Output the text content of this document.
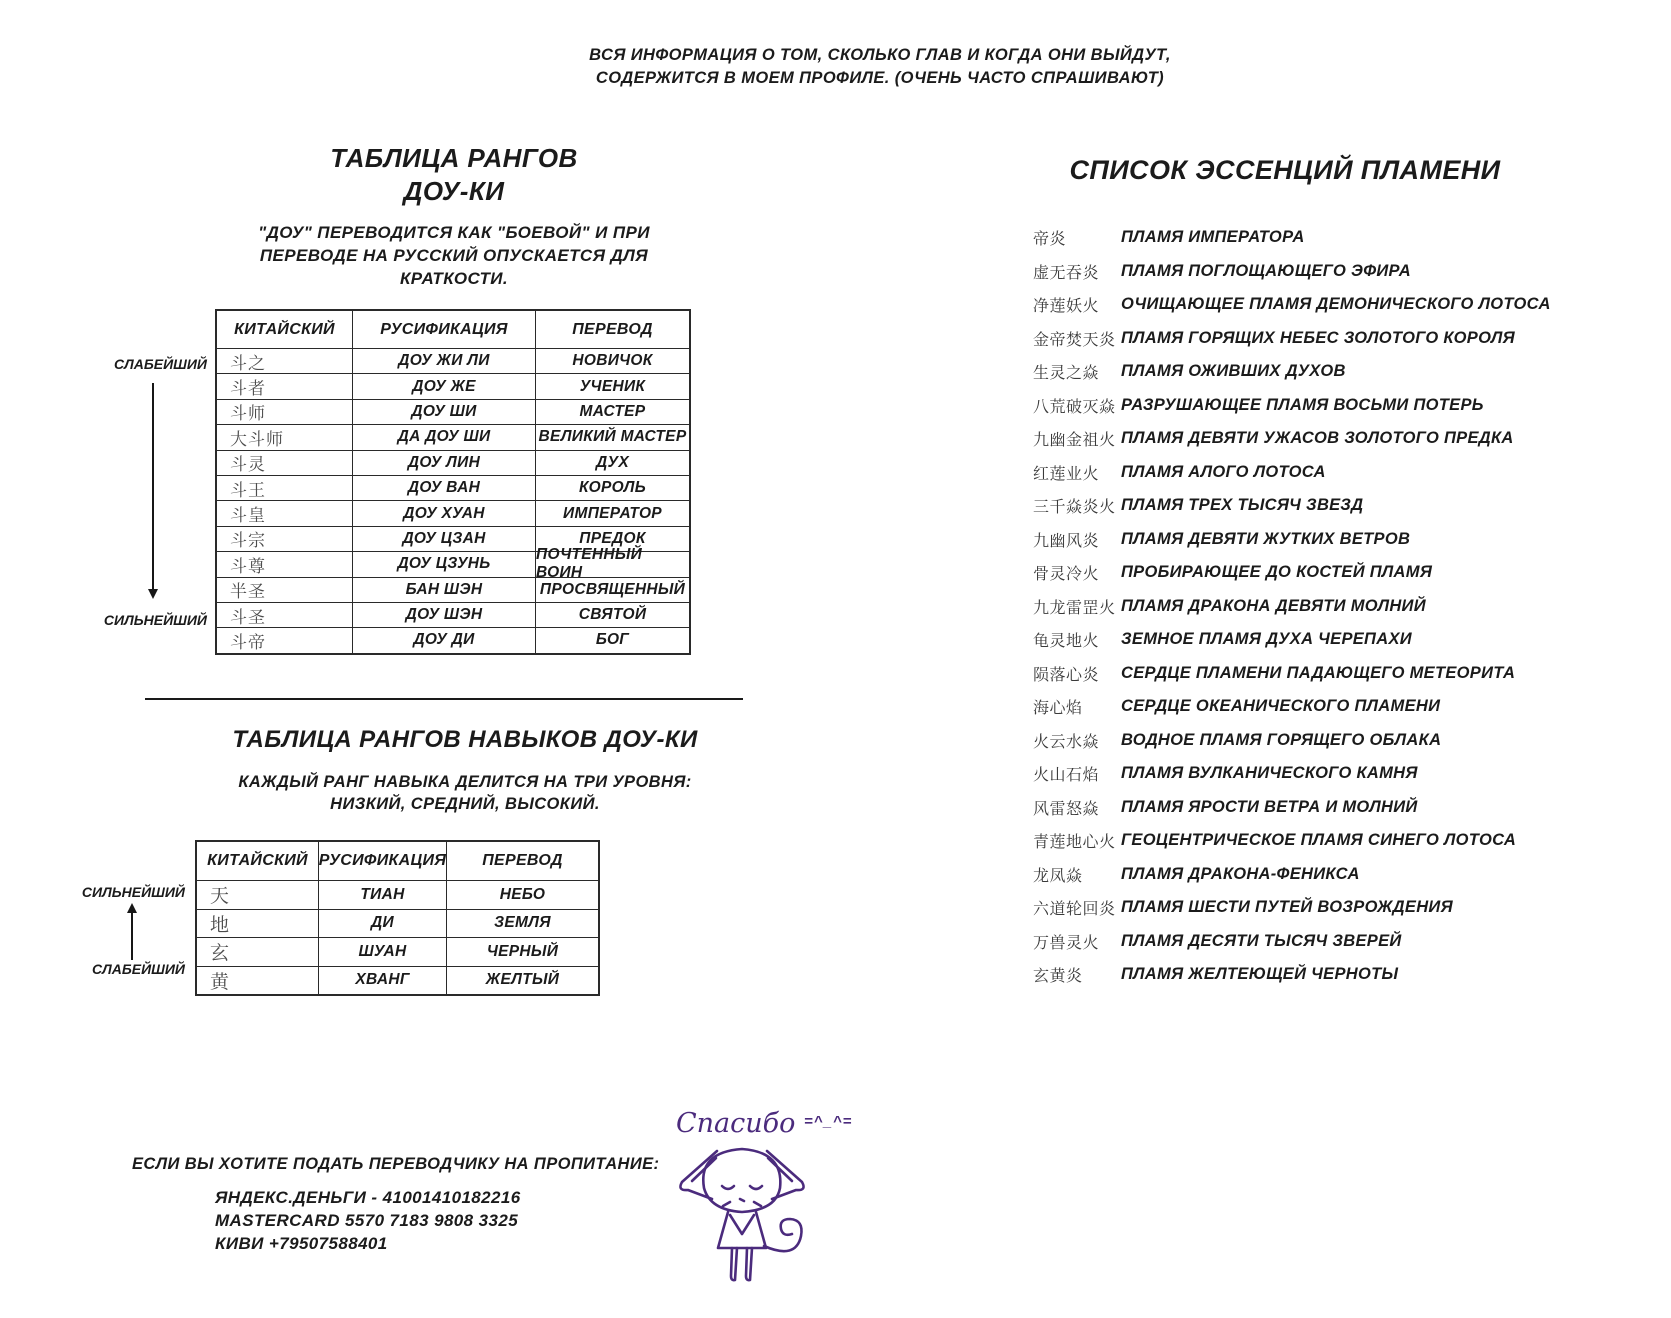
ВСЯ ИНФОРМАЦИЯ О ТОМ, СКОЛЬКО ГЛАВ И КОГДА ОНИ ВЫЙДУТ,
СОДЕРЖИТСЯ В МОЕМ ПРОФИЛЕ. (ОЧЕНЬ ЧАСТО СПРАШИВАЮТ)
ТАБЛИЦА РАНГОВ
ДОУ-КИ
"ДОУ" ПЕРЕВОДИТСЯ КАК "БОЕВОЙ" И ПРИ ПЕРЕВОДЕ НА РУССКИЙ ОПУСКАЕТСЯ ДЛЯ КРАТКОСТИ.
СЛАБЕЙШИЙ
СИЛЬНЕЙШИЙ
КИТАЙСКИЙ	РУСИФИКАЦИЯ	ПЕРЕВОД
斗之	ДОУ ЖИ ЛИ	НОВИЧОК
斗者	ДОУ ЖЕ	УЧЕНИК
斗师	ДОУ ШИ	МАСТЕР
大斗师	ДА ДОУ ШИ	ВЕЛИКИЙ МАСТЕР
斗灵	ДОУ ЛИН	ДУХ
斗王	ДОУ ВАН	КОРОЛЬ
斗皇	ДОУ ХУАН	ИМПЕРАТОР
斗宗	ДОУ ЦЗАН	ПРЕДОК
斗尊	ДОУ ЦЗУНЬ
ПОЧТЕННЫЙ ВОИН
半圣	БАН ШЭН	ПРОСВЯЩЕННЫЙ
斗圣	ДОУ ШЭН	СВЯТОЙ
斗帝	ДОУ ДИ	БОГ
ТАБЛИЦА РАНГОВ НАВЫКОВ ДОУ-КИ
КАЖДЫЙ РАНГ НАВЫКА ДЕЛИТСЯ НА ТРИ УРОВНЯ: НИЗКИЙ, СРЕДНИЙ, ВЫСОКИЙ.
СИЛЬНЕЙШИЙ
СЛАБЕЙШИЙ
КИТАЙСКИЙ РУСИФИКАЦИЯ	ПЕРЕВОД
天	ТИАН	НЕБО
地	ДИ	ЗЕМЛЯ
玄	ШУАН	ЧЕРНЫЙ
黄	ХВАНГ	ЖЕЛТЫЙ
СПИСОК ЭССЕНЦИЙ ПЛАМЕНИ
帝炎	ПЛАМЯ ИМПЕРАТОРА
虚无吞炎	ПЛАМЯ ПОГЛОЩАЮЩЕГО ЭФИРА
净莲妖火	ОЧИЩАЮЩЕЕ ПЛАМЯ ДЕМОНИЧЕСКОГО ЛОТОСА
金帝焚天炎 ПЛАМЯ ГОРЯЩИХ НЕБЕС ЗОЛОТОГО КОРОЛЯ
生灵之焱	ПЛАМЯ ОЖИВШИХ ДУХОВ
八荒破灭焱 РАЗРУШАЮЩЕЕ ПЛАМЯ ВОСЬМИ ПОТЕРЬ
九幽金祖火 ПЛАМЯ ДЕВЯТИ УЖАСОВ ЗОЛОТОГО ПРЕДКА
红莲业火	ПЛАМЯ АЛОГО ЛОТОСА
三千焱炎火 ПЛАМЯ ТРЕХ ТЫСЯЧ ЗВЕЗД
九幽风炎	ПЛАМЯ ДЕВЯТИ ЖУТКИХ ВЕТРОВ
骨灵冷火	ПРОБИРАЮЩЕЕ ДО КОСТЕЙ ПЛАМЯ
九龙雷罡火 ПЛАМЯ ДРАКОНА ДЕВЯТИ МОЛНИЙ
龟灵地火	ЗЕМНОЕ ПЛАМЯ ДУХА ЧЕРЕПАХИ
陨落心炎	СЕРДЦЕ ПЛАМЕНИ ПАДАЮЩЕГО МЕТЕОРИТА
海心焰	СЕРДЦЕ ОКЕАНИЧЕСКОГО ПЛАМЕНИ
火云水焱	ВОДНОЕ ПЛАМЯ ГОРЯЩЕГО ОБЛАКА
火山石焰	ПЛАМЯ ВУЛКАНИЧЕСКОГО КАМНЯ
风雷怒焱	ПЛАМЯ ЯРОСТИ ВЕТРА И МОЛНИЙ
青莲地心火 ГЕОЦЕНТРИЧЕСКОЕ ПЛАМЯ СИНЕГО ЛОТОСА
龙凤焱	ПЛАМЯ ДРАКОНА-ФЕНИКСА
六道轮回炎 ПЛАМЯ ШЕСТИ ПУТЕЙ ВОЗРОЖДЕНИЯ
万兽灵火	ПЛАМЯ ДЕСЯТИ ТЫСЯЧ ЗВЕРЕЙ
玄黄炎	ПЛАМЯ ЖЕЛТЕЮЩЕЙ ЧЕРНОТЫ
ЕСЛИ ВЫ ХОТИТЕ ПОДАТЬ ПЕРЕВОДЧИКУ НА ПРОПИТАНИЕ:
ЯНДЕКС.ДЕНЬГИ - 41001410182216
MASTERCARD 5570 7183 9808 3325
КИВИ +79507588401
Спасибо =^_^=
